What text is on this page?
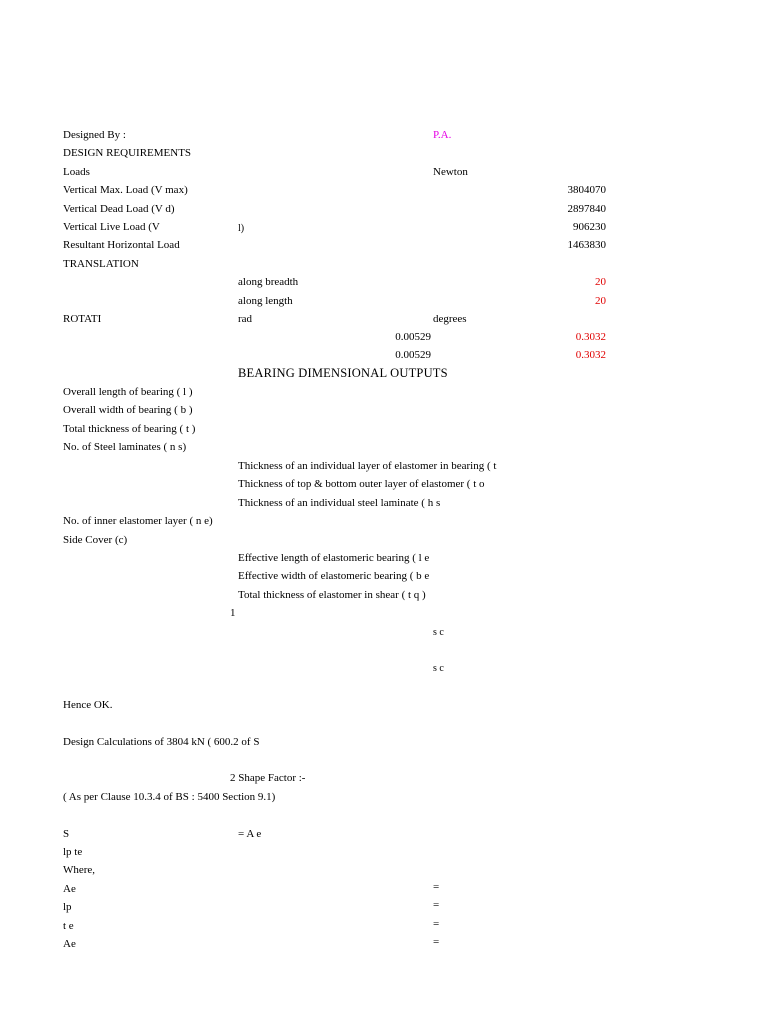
Designed By :	P.A.
DESIGN REQUIREMENTS
Loads	Newton
Vertical Max. Load (V max)	3804070
Vertical Dead Load (V d)	2897840
Vertical Live Load (V	l)	906230
Resultant Horizontal Load	1463830
TRANSLATION
along breadth	20
along length	20
ROTATI	rad	degrees
0.00529	0.3032
0.00529	0.3032
BEARING DIMENSIONAL OUTPUTS
Overall length of bearing ( l )
Overall width of bearing ( b )
Total thickness of bearing ( t )
No. of Steel laminates ( n s)
Thickness of an individual layer of elastomer in bearing ( t
Thickness of top & bottom outer layer of elastomer ( t o
Thickness of an individual steel laminate ( h s
No. of inner elastomer layer ( n e)
Side Cover (c)
Effective length of elastomeric bearing ( l e
Effective width of elastomeric bearing ( b e
Total thickness of elastomer in shear ( t q )
1
s c
s c
Hence OK.
Design Calculations of 3804 kN ( 600.2 of S
2 Shape Factor :-
( As per Clause 10.3.4 of BS : 5400 Section 9.1)
S	= A e
lp te
Where,
Ae	=
lp	=
t e	=
Ae	=
